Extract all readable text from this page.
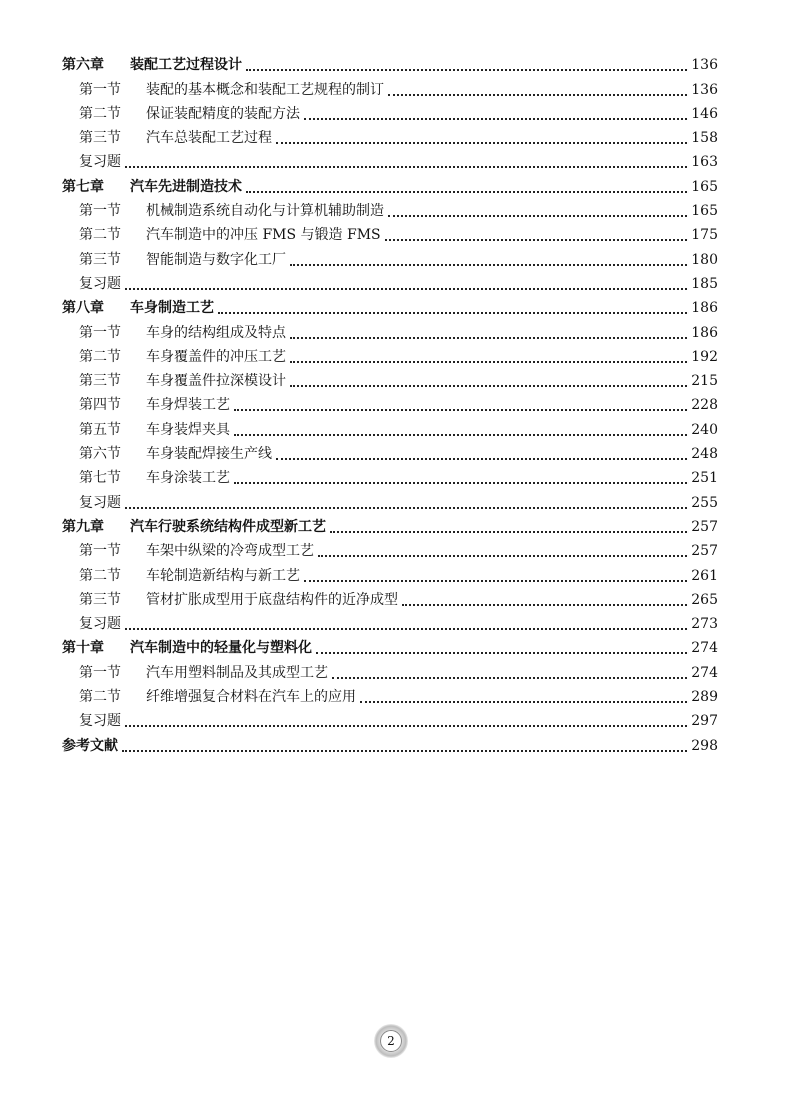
第六章	装配工艺过程设计	136
第一节	装配的基本概念和装配工艺规程的制订	136
第二节	保证装配精度的装配方法	146
第三节	汽车总装配工艺过程	158
复习题	163
第七章	汽车先进制造技术	165
第一节	机械制造系统自动化与计算机辅助制造	165
第二节	汽车制造中的冲压 FMS 与锻造 FMS	175
第三节	智能制造与数字化工厂	180
复习题	185
第八章	车身制造工艺	186
第一节	车身的结构组成及特点	186
第二节	车身覆盖件的冲压工艺	192
第三节	车身覆盖件拉深模设计	215
第四节	车身焊装工艺	228
第五节	车身装焊夹具	240
第六节	车身装配焊接生产线	248
第七节	车身涂装工艺	251
复习题	255
第九章	汽车行驶系统结构件成型新工艺	257
第一节	车架中纵梁的冷弯成型工艺	257
第二节	车轮制造新结构与新工艺	261
第三节	管材扩胀成型用于底盘结构件的近净成型	265
复习题	273
第十章	汽车制造中的轻量化与塑料化	274
第一节	汽车用塑料制品及其成型工艺	274
第二节	纤维增强复合材料在汽车上的应用	289
复习题	297
参考文献	298
2
